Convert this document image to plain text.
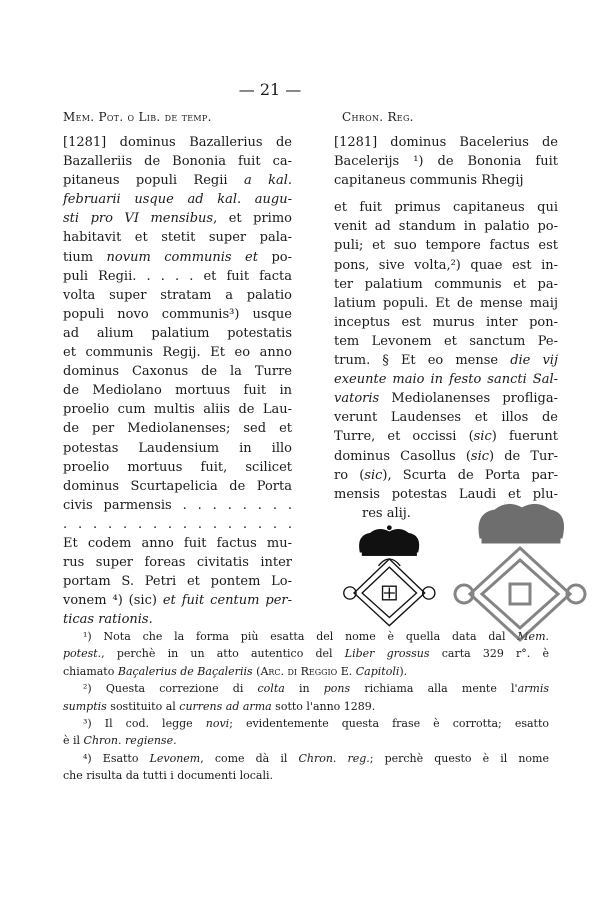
— 21 —
Mem. Pot. o Lib. de temp.	Chron. Reg.
[1281] dominus Bazallerius de
Bazalleriis de Bononia fuit ca-
pitaneus populi Regii a kal.
februarii usque ad kal. augu-
sti pro VI mensibus, et primo
habitavit et stetit super pala-
tium novum communis et po-
puli Regii. . . . . et fuit facta
volta super stratam a palatio
populi novo communis³) usque
ad alium palatium potestatis
et communis Regij. Et eo anno
dominus Caxonus de la Turre
de Mediolano mortuus fuit in
proelio cum multis aliis de Lau-
de per Mediolanenses; sed et
potestas Laudensium in illo
proelio mortuus fuit, scilicet
dominus Scurtapelicia de Porta
civis parmensis . . . . . . . .
. . . . . . . . . . . . . . . .
Et codem anno fuit factus mu-
rus super foreas civitatis inter
portam S. Petri et pontem Lo-
vonem ⁴) (sic) et fuit centum per-
ticas rationis.
[1281] dominus Bacelerius de
Bacelerijs ¹) de Bononia fuit
capitaneus communis Rhegij
et fuit primus capitaneus qui
venit ad standum in palatio po-
puli; et suo tempore factus est
pons, sive volta,²) quae est in-
ter palatium communis et pa-
latium populi. Et de mense maij
inceptus est murus inter pon-
tem Levonem et sanctum Pe-
trum. § Et eo mense die vij
exeunte maio in festo sancti Sal-
vatoris Mediolanenses profliga-
verunt Laudenses et illos de
Turre, et occissi (sic) fuerunt
dominus Casollus (sic) de Tur-
ro (sic), Scurta de Porta par-
mensis potestas Laudi et plu-
res alij.
¹) Nota che la forma più esatta del nome è quella data dal Mem.
potest., perchè in un atto autentico del Liber grossus carta 329 r°. è
chiamato Baçalerius de Baçaleriis (Arc. di Reggio E. Capitoli).
²) Questa correzione di colta in pons richiama alla mente l'armis
sumptis sostituito al currens ad arma sotto l'anno 1289.
³) Il cod. legge novi; evidentemente questa frase è corrotta; esatto
è il Chron. regiense.
⁴) Esatto Levonem, come dà il Chron. reg.; perchè questo è il nome
che risulta da tutti i documenti locali.
